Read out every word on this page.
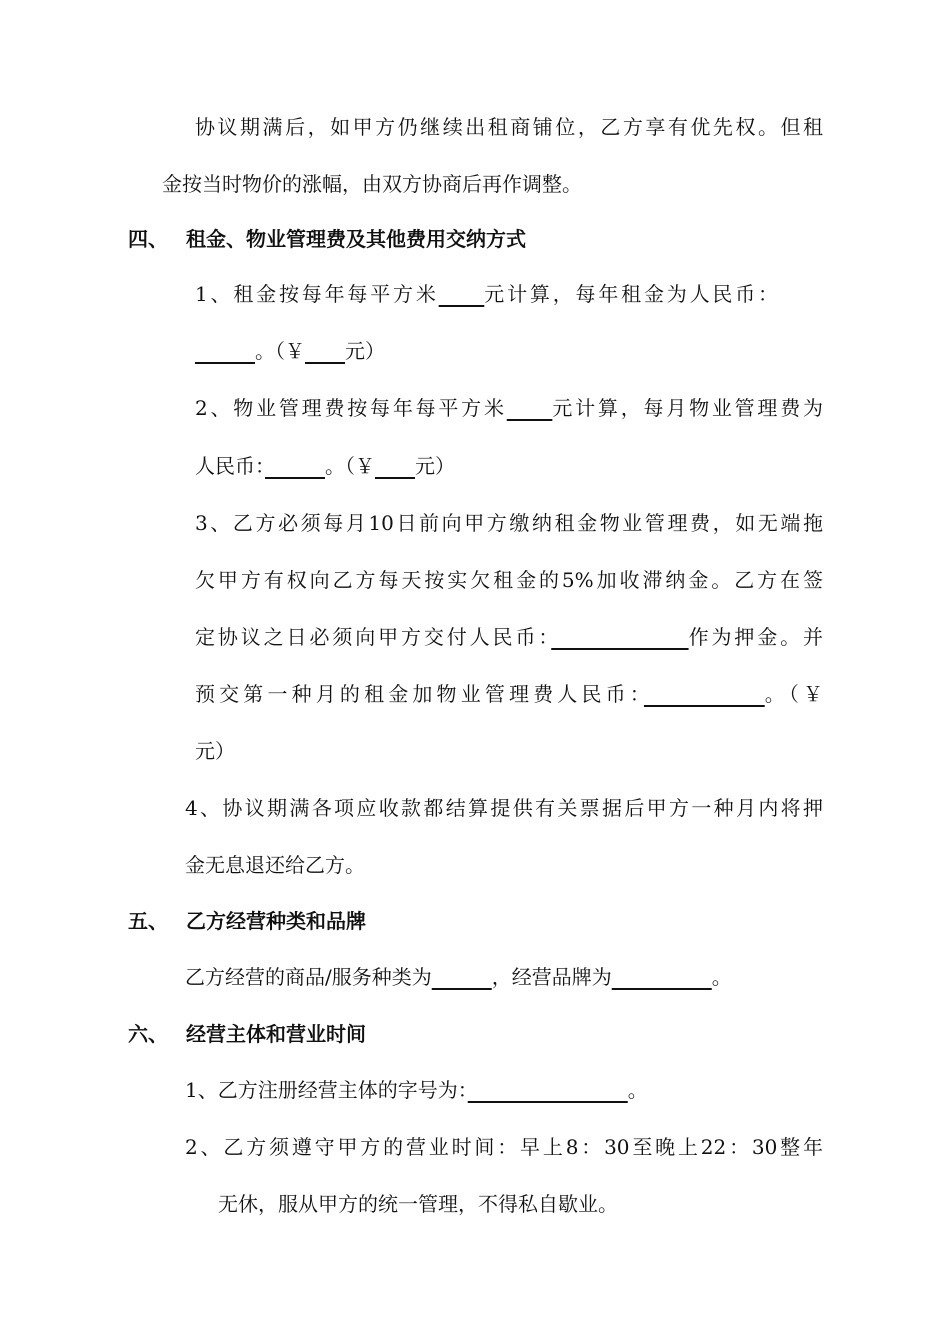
协议期满后，如甲方仍继续出租商铺位，乙方享有优先权。但租
金按当时物价的涨幅，由双方协商后再作调整。
四、 租金、物业管理费及其他费用交纳方式
1、租金按每年每平方米　　 元计算，每年租金为人民币：
　　　。（￥　　 元）
2、物业管理费按每年每平方米　　 元计算，每月物业管理费为
人民币：　　　	。（￥　　 元）
3、乙方必须每月10日前向甲方缴纳租金物业管理费，如无端拖
欠甲方有权向乙方每天按实欠租金的5%加收滞纳金。乙方在签
定协议之日必须向甲方交付人民币：　　　　　　	作为押金。并
预交第一种月的租金加物业管理费人民币：　　　　　	。（￥
元）
4、协议期满各项应收款都结算提供有关票据后甲方一种月内将押
金无息退还给乙方。
五、 乙方经营种类和品牌
乙方经营的商品/服务种类为　　　	，经营品牌为　　　　　	。
六、 经营主体和营业时间
1、乙方注册经营主体的字号为：　　　　　　　　	。
2、乙方须遵守甲方的营业时间：早上8：30至晚上22：30整年
无休，服从甲方的统一管理，不得私自歇业。
